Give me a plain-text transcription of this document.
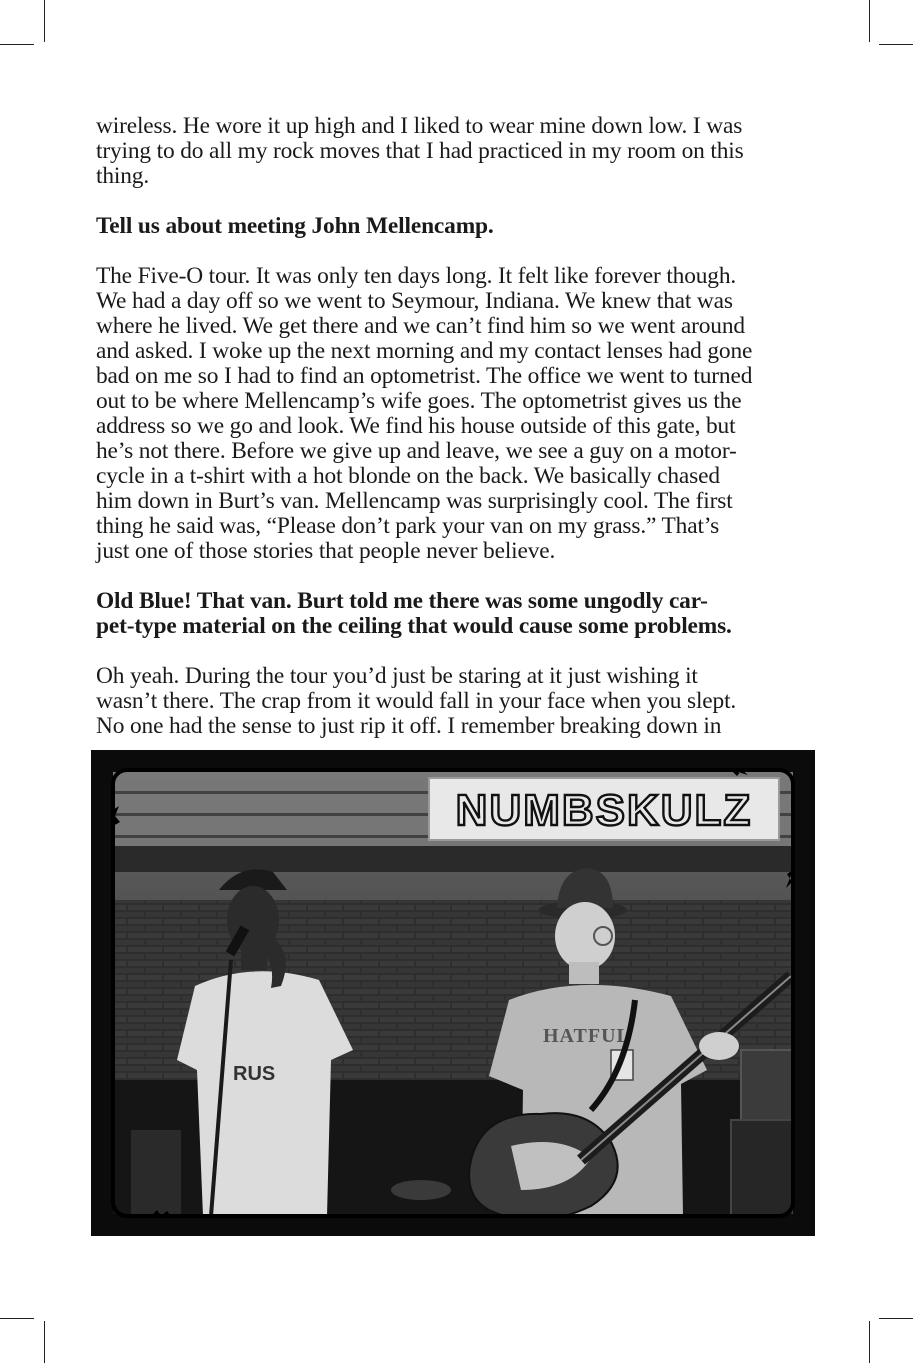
wireless. He wore it up high and I liked to wear mine down low. I was
trying to do all my rock moves that I had practiced in my room on this
thing.
Tell us about meeting John Mellencamp.
The Five-O tour. It was only ten days long. It felt like forever though.
We had a day off so we went to Seymour, Indiana. We knew that was
where he lived. We get there and we can’t find him so we went around
and asked. I woke up the next morning and my contact lenses had gone
bad on me so I had to find an optometrist. The office we went to turned
out to be where Mellencamp’s wife goes. The optometrist gives us the
address so we go and look. We find his house outside of this gate, but
he’s not there. Before we give up and leave, we see a guy on a motor-
cycle in a t-shirt with a hot blonde on the back. We basically chased
him down in Burt’s van. Mellencamp was surprisingly cool. The first
thing he said was, “Please don’t park your van on my grass.” That’s
just one of those stories that people never believe.
Old Blue! That van. Burt told me there was some ungodly car-
pet-type material on the ceiling that would cause some problems.
Oh yeah. During the tour you’d just be staring at it just wishing it
wasn’t there. The crap from it would fall in your face when you slept.
No one had the sense to just rip it off. I remember breaking down in
NUMBSKULZ
RUS
HATFUL
